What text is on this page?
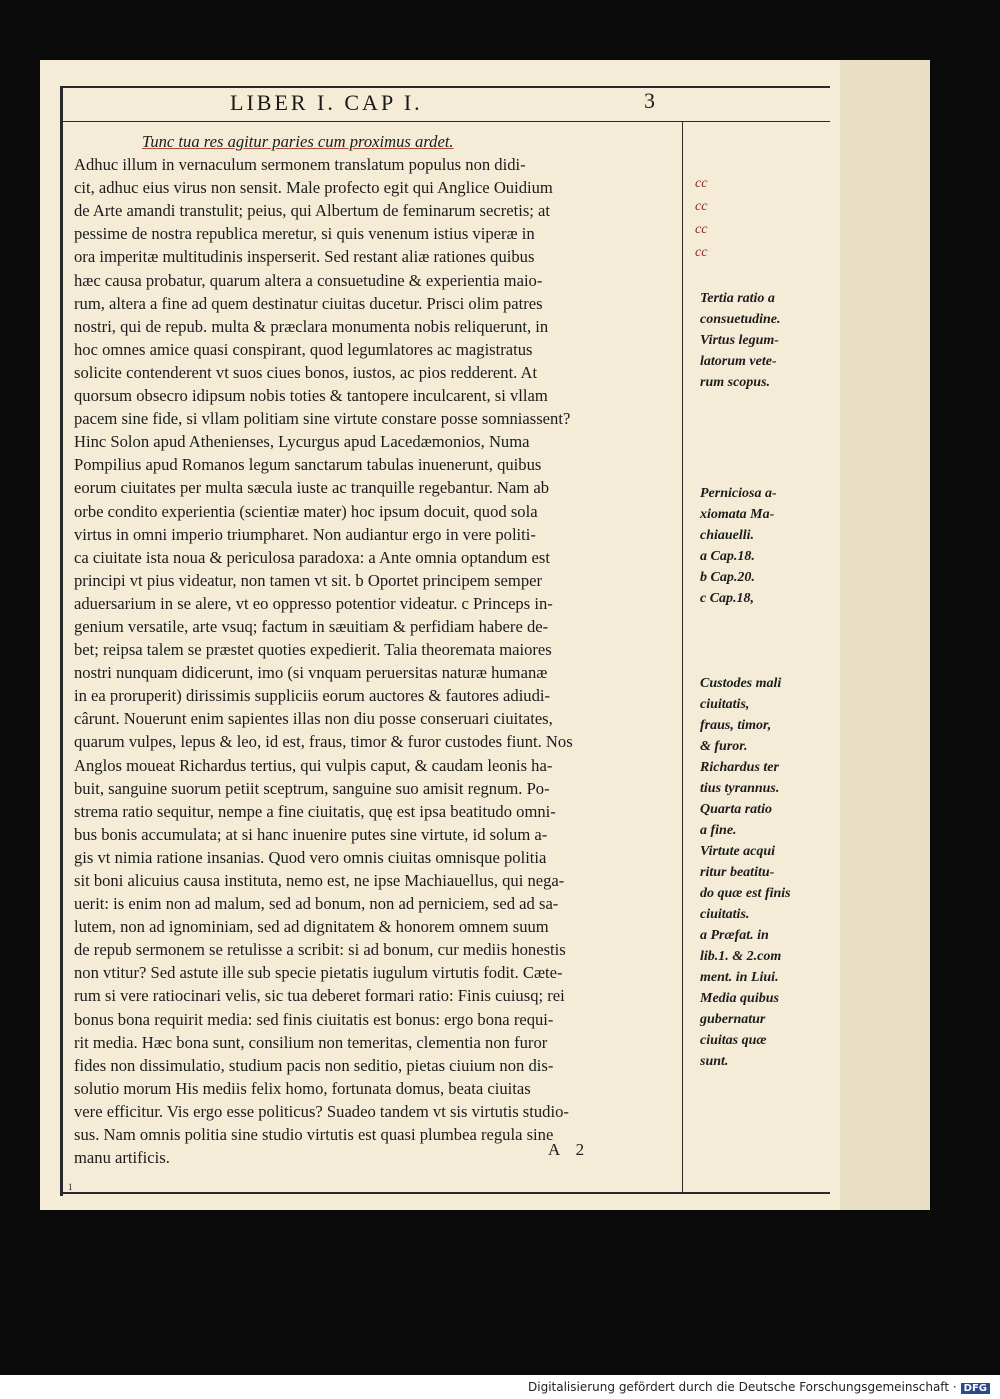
LIBER I. CAP I.	3
Tunc tua res agitur paries cum proximus ardet.
Adhuc illum in vernaculum sermonem translatum populus non didi-
cit, adhuc eius virus non sensit. Male profecto egit qui Anglice Ouidium
de Arte amandi transtulit; peius, qui Albertum de feminarum secretis; at
pessime de nostra republica meretur, si quis venenum istius viperæ in
ora imperitæ multitudinis insperserit. Sed restant aliæ rationes quibus
hæc causa probatur, quarum altera a consuetudine & experientia maio-
rum, altera a fine ad quem destinatur ciuitas ducetur. Prisci olim patres
nostri, qui de repub. multa & præclara monumenta nobis reliquerunt, in
hoc omnes amice quasi conspirant, quod legumlatores ac magistratus
solicite contenderent vt suos ciues bonos, iustos, ac pios redderent. At
quorsum obsecro idipsum nobis toties & tantopere inculcarent, si vllam
pacem sine fide, si vllam politiam sine virtute constare posse somniassent?
Hinc Solon apud Athenienses, Lycurgus apud Lacedæmonios, Numa
Pompilius apud Romanos legum sanctarum tabulas inuenerunt, quibus
eorum ciuitates per multa sæcula iuste ac tranquille regebantur. Nam ab
orbe condito experientia (scientiæ mater) hoc ipsum docuit, quod sola
virtus in omni imperio triumpharet. Non audiantur ergo in vere politi-
ca ciuitate ista noua & periculosa paradoxa: a Ante omnia optandum est
principi vt pius videatur, non tamen vt sit. b Oportet principem semper
aduersarium in se alere, vt eo oppresso potentior videatur. c Princeps in-
genium versatile, arte vsuq; factum in sæuitiam & perfidiam habere de-
bet; reipsa talem se præstet quoties expedierit. Talia theoremata maiores
nostri nunquam didicerunt, imo (si vnquam peruersitas naturæ humanæ
in ea proruperit) dirissimis suppliciis eorum auctores & fautores adiudi-
cârunt. Nouerunt enim sapientes illas non diu posse conseruari ciuitates,
quarum vulpes, lepus & leo, id est, fraus, timor & furor custodes fiunt. Nos
Anglos moueat Richardus tertius, qui vulpis caput, & caudam leonis ha-
buit, sanguine suorum petiit sceptrum, sanguine suo amisit regnum. Po-
strema ratio sequitur, nempe a fine ciuitatis, quę est ipsa beatitudo omni-
bus bonis accumulata; at si hanc inuenire putes sine virtute, id solum a-
gis vt nimia ratione insanias. Quod vero omnis ciuitas omnisque politia
sit boni alicuius causa instituta, nemo est, ne ipse Machiauellus, qui nega-
uerit: is enim non ad malum, sed ad bonum, non ad perniciem, sed ad sa-
lutem, non ad ignominiam, sed ad dignitatem & honorem omnem suum
de repub sermonem se retulisse a scribit: si ad bonum, cur mediis honestis
non vtitur? Sed astute ille sub specie pietatis iugulum virtutis fodit. Cæte-
rum si vere ratiocinari velis, sic tua deberet formari ratio: Finis cuiusq; rei
bonus bona requirit media: sed finis ciuitatis est bonus: ergo bona requi-
rit media. Hæc bona sunt, consilium non temeritas, clementia non furor
fides non dissimulatio, studium pacis non seditio, pietas ciuium non dis-
solutio morum His mediis felix homo, fortunata domus, beata ciuitas
vere efficitur. Vis ergo esse politicus? Suadeo tandem vt sis virtutis studio-
sus. Nam omnis politia sine studio virtutis est quasi plumbea regula sine
manu artificis.
cc
cc
cc
cc
Tertia ratio a
consuetudine.
Virtus legum-
latorum vete-
rum scopus.
Perniciosa a-
xiomata Ma-
chiauelli.
a Cap.18.
b Cap.20.
c Cap.18,
Custodes mali
ciuitatis,
fraus, timor,
& furor.
Richardus ter
tius tyrannus.
Quarta ratio
a fine.
Virtute acqui
ritur beatitu-
do quæ est finis
ciuitatis.
a Præfat. in
lib.1. & 2.com
ment. in Liui.
Media quibus
gubernatur
ciuitas quæ
sunt.
A 2
1
Digitalisierung gefördert durch die Deutsche Forschungsgemeinschaft · DFG
